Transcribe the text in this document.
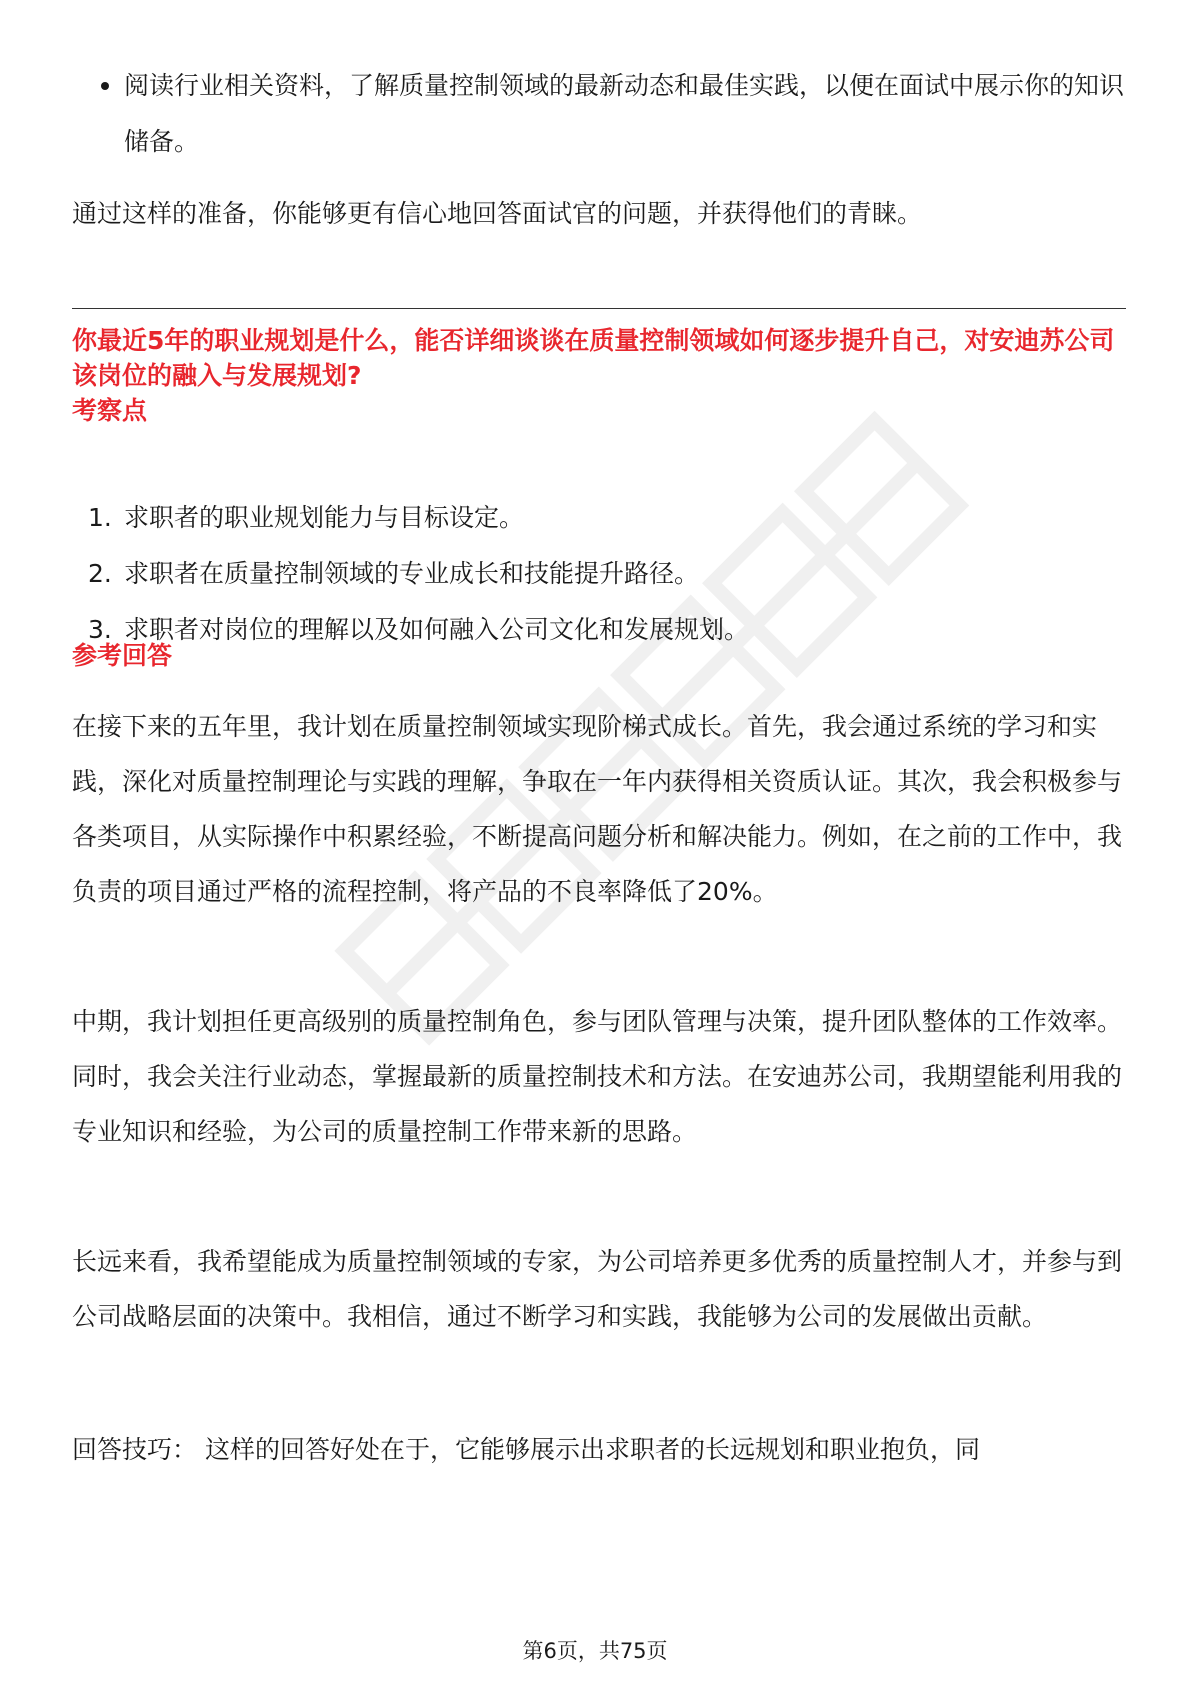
阅读行业相关资料，了解质量控制领域的最新动态和最佳实践，以便在面试中展示你的知识储备。
通过这样的准备，你能够更有信心地回答面试官的问题，并获得他们的青睐。
你最近5年的职业规划是什么，能否详细谈谈在质量控制领域如何逐步提升自己，对安迪苏公司该岗位的融入与发展规划?
考察点
1. 求职者的职业规划能力与目标设定。
2. 求职者在质量控制领域的专业成长和技能提升路径。
3. 求职者对岗位的理解以及如何融入公司文化和发展规划。
参考回答
在接下来的五年里，我计划在质量控制领域实现阶梯式成长。首先，我会通过系统的学习和实践，深化对质量控制理论与实践的理解，争取在一年内获得相关资质认证。其次，我会积极参与各类项目，从实际操作中积累经验，不断提高问题分析和解决能力。例如，在之前的工作中，我负责的项目通过严格的流程控制，将产品的不良率降低了20%。
中期，我计划担任更高级别的质量控制角色，参与团队管理与决策，提升团队整体的工作效率。同时，我会关注行业动态，掌握最新的质量控制技术和方法。在安迪苏公司，我期望能利用我的专业知识和经验，为公司的质量控制工作带来新的思路。
长远来看，我希望能成为质量控制领域的专家，为公司培养更多优秀的质量控制人才，并参与到公司战略层面的决策中。我相信，通过不断学习和实践，我能够为公司的发展做出贡献。
回答技巧： 这样的回答好处在于，它能够展示出求职者的长远规划和职业抱负，同
第6页，共75页
